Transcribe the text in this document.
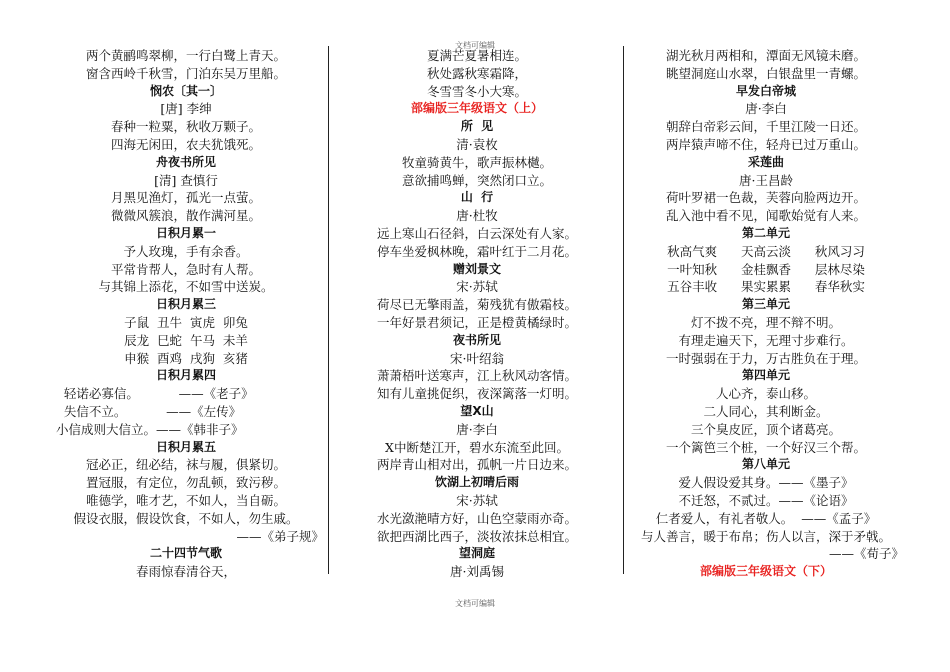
文档可编辑
两个黄鹂鸣翠柳，一行白鹭上青天。
窗含西岭千秋雪，门泊东吴万里船。
悯农〔其一〕
[唐] 李绅
春种一粒粟，秋收万颗子。
四海无闲田，农夫犹饿死。
舟夜书所见
[清] 查慎行
月黑见渔灯，孤光一点萤。
微微风簇浪，散作满河星。
日积月累一
予人玫瑰，手有余香。
平常肯帮人，急时有人帮。
与其锦上添花，不如雪中送炭。
日积月累三
子鼠  丑牛  寅虎  卯兔
辰龙  巳蛇  午马  未羊
申猴  酉鸡  戌狗  亥猪
日积月累四
轻诺必寡信。          ——《老子》
失信不立。          ——《左传》
小信成则大信立。——《韩非子》
日积月累五
冠必正，纽必结，袜与履，俱紧切。
置冠服，有定位，勿乱顿，致污秽。
唯德学，唯才艺，不如人，当自砺。
假设衣服，假设饮食，不如人，勿生戚。
——《弟子规》
二十四节气歌
春雨惊春清谷天，
夏满芒夏暑相连。
秋处露秋寒霜降，
冬雪雪冬小大寒。
部编版三年级语文（上）
所  见
清·袁枚
牧童骑黄牛，歌声振林樾。
意欲捕鸣蝉，突然闭口立。
山  行
唐·杜牧
远上寒山石径斜，白云深处有人家。
停车坐爱枫林晚，霜叶红于二月花。
赠刘景文
宋·苏轼
荷尽已无擎雨盖，菊残犹有傲霜枝。
一年好景君须记，正是橙黄橘绿时。
夜书所见
宋·叶绍翁
萧萧梧叶送寒声，江上秋风动客情。
知有儿童挑促织，夜深篱落一灯明。
望X山
唐·李白
X中断楚江开，碧水东流至此回。
两岸青山相对出，孤帆一片日边来。
饮湖上初晴后雨
宋·苏轼
水光潋滟晴方好，山色空蒙雨亦奇。
欲把西湖比西子，淡妆浓抹总相宜。
望洞庭
唐·刘禹锡
湖光秋月两相和，潭面无风镜未磨。
眺望洞庭山水翠，白银盘里一青螺。
早发白帝城
唐·李白
朝辞白帝彩云间，千里江陵一日还。
两岸猿声啼不住，轻舟已过万重山。
采莲曲
唐·王昌龄
荷叶罗裙一色裁，芙蓉向脸两边开。
乱入池中看不见，闻歌始觉有人来。
第二单元
秋高气爽      天高云淡      秋风习习
一叶知秋      金桂飘香      层林尽染
五谷丰收      果实累累      春华秋实
第三单元
灯不拨不亮，理不辩不明。
有理走遍天下，无理寸步难行。
一时强弱在于力，万古胜负在于理。
第四单元
人心齐，泰山移。
二人同心，其利断金。
三个臭皮匠，顶个诸葛亮。
一个篱笆三个桩，一个好汉三个帮。
第八单元
爱人假设爱其身。——《墨子》
不迁怒，不贰过。——《论语》
仁者爱人，有礼者敬人。  ——《孟子》
与人善言，暖于布帛；伤人以言，深于矛戟。
——《荀子》
部编版三年级语文（下）
文档可编辑
